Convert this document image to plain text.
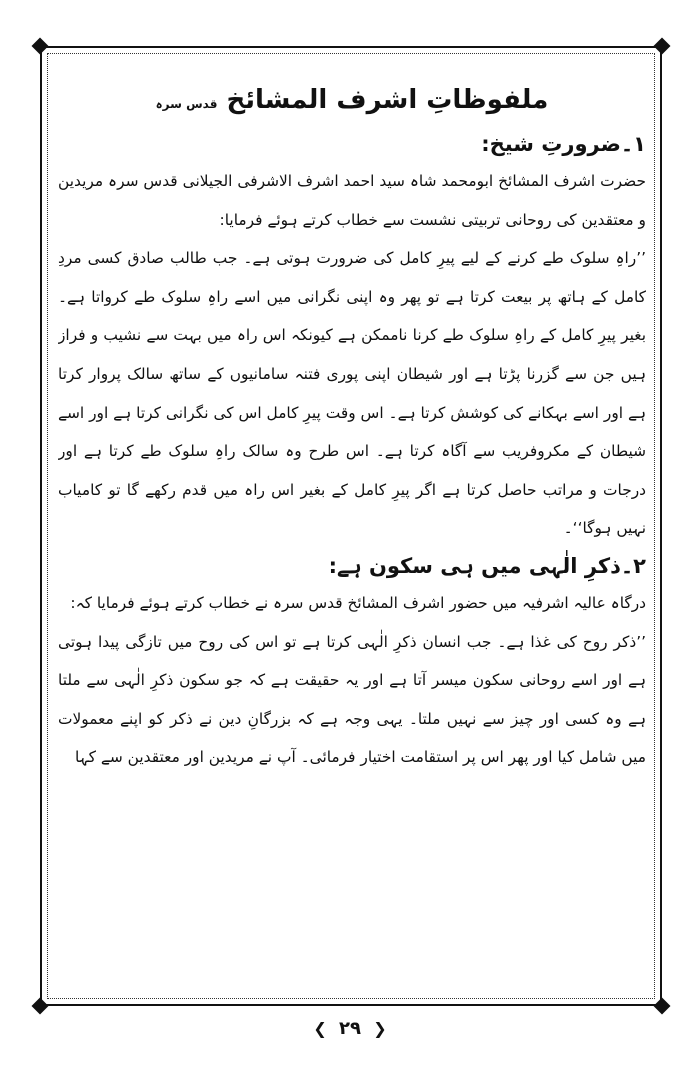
ملفوظاتِ اشرف المشائخ قدس سرہ
۱۔ضرورتِ شیخ:

حضرت اشرف المشائخ ابومحمد شاہ سید احمد اشرف الاشرفی الجیلانی قدس سرہ مریدین و معتقدین کی روحانی تربیتی نشست سے خطاب کرتے ہوئے فرمایا:

’’راہِ سلوک طے کرنے کے لیے پیرِ کامل کی ضرورت ہوتی ہے۔ جب طالب صادق کسی مردِ کامل کے ہاتھ پر بیعت کرتا ہے تو پھر وہ اپنی نگرانی میں اسے راہِ سلوک طے کرواتا ہے۔ بغیر پیرِ کامل کے راہِ سلوک طے کرنا ناممکن ہے کیونکہ اس راہ میں بہت سے نشیب و فراز ہیں جن سے گزرنا پڑتا ہے اور شیطان اپنی پوری فتنہ سامانیوں کے ساتھ سالک پروار کرتا ہے اور اسے بہکانے کی کوشش کرتا ہے۔ اس وقت پیرِ کامل اس کی نگرانی کرتا ہے اور اسے شیطان کے مکروفریب سے آگاہ کرتا ہے۔ اس طرح وہ سالک راہِ سلوک طے کرتا ہے اور درجات و مراتب حاصل کرتا ہے اگر پیرِ کامل کے بغیر اس راہ میں قدم رکھے گا تو کامیاب نہیں ہوگا‘‘۔

۲۔ذکرِ الٰہی میں ہی سکون ہے:

درگاہ عالیہ اشرفیہ میں حضور اشرف المشائخ قدس سرہ نے خطاب کرتے ہوئے فرمایا کہ:

’’ذکر روح کی غذا ہے۔ جب انسان ذکرِ الٰہی کرتا ہے تو اس کی روح میں تازگی پیدا ہوتی ہے اور اسے روحانی سکون میسر آتا ہے اور یہ حقیقت ہے کہ جو سکون ذکرِ الٰہی سے ملتا ہے وہ کسی اور چیز سے نہیں ملتا۔ یہی وجہ ہے کہ بزرگانِ دین نے ذکر کو اپنے معمولات میں شامل کیا اور پھر اس پر استقامت اختیار فرمائی۔ آپ نے مریدین اور معتقدین سے کہا

❮ ۲۹ ❯
